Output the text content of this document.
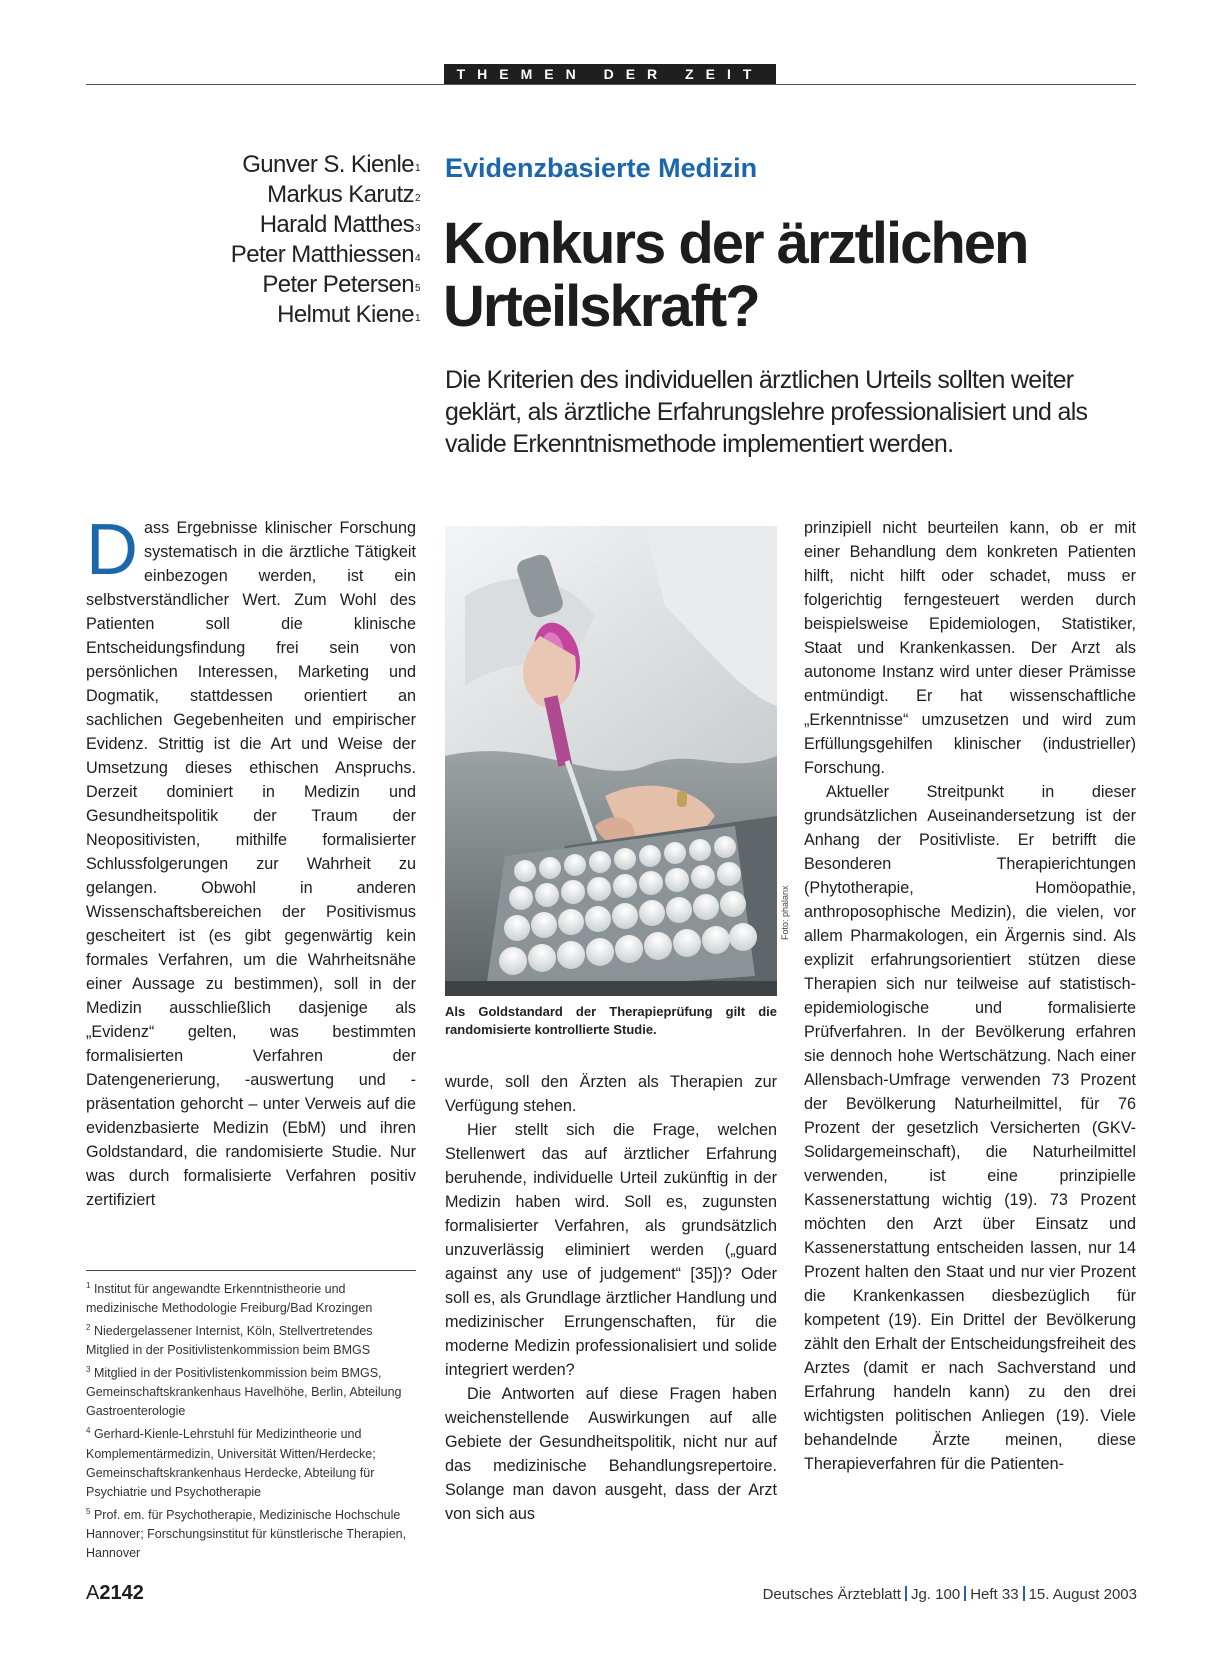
THEMEN DER ZEIT
Gunver S. Kienle$^1$
Markus Karutz$^2$
Harald Matthes$^3$
Peter Matthiessen$^4$
Peter Petersen$^5$
Helmut Kiene$^1$
Evidenzbasierte Medizin
Konkurs der ärztlichen
Urteilskraft?
Die Kriterien des individuellen ärztlichen Urteils sollten weiter geklärt, als ärztliche Erfahrungslehre professionalisiert und als valide Erkenntnismethode implementiert werden.

Dass Ergebnisse klinischer Forschung systematisch in die ärztliche Tätigkeit einbezogen werden, ist ein selbstverständlicher Wert. Zum Wohl des Patienten soll die klinische Entscheidungsfindung frei sein von persönlichen Interessen, Marketing und Dogmatik, stattdessen orientiert an sachlichen Gegebenheiten und empirischer Evidenz. Strittig ist die Art und Weise der Umsetzung dieses ethischen Anspruchs. Derzeit dominiert in Medizin und Gesundheitspolitik der Traum der Neopositivisten, mithilfe formalisierter Schlussfolgerungen zur Wahrheit zu gelangen. Obwohl in anderen Wissenschaftsbereichen der Positivismus gescheitert ist (es gibt gegenwärtig kein formales Verfahren, um die Wahrheitsnähe einer Aussage zu bestimmen), soll in der Medizin ausschließlich dasjenige als „Evidenz“ gelten, was bestimmten formalisierten Verfahren der Datengenerierung, -auswertung und -präsentation gehorcht – unter Verweis auf die evidenzbasierte Medizin (EbM) und ihren Goldstandard, die randomisierte Studie. Nur was durch formalisierte Verfahren positiv zertifiziert

$^1$ Institut für angewandte Erkenntnistheorie und medizinische Methodologie Freiburg/Bad Krozingen
$^2$ Niedergelassener Internist, Köln, Stellvertretendes Mitglied in der Positivlistenkommission beim BMGS
$^3$ Mitglied in der Positivlistenkommission beim BMGS, Gemeinschaftskrankenhaus Havelhöhe, Berlin, Abteilung Gastroenterologie
$^4$ Gerhard-Kienle-Lehrstuhl für Medizintheorie und Komplementärmedizin, Universität Witten/Herdecke; Gemeinschaftskrankenhaus Herdecke, Abteilung für Psychiatrie und Psychotherapie
$^5$ Prof. em. für Psychotherapie, Medizinische Hochschule Hannover; Forschungsinstitut für künstlerische Therapien, Hannover
Foto: phalanx
Als Goldstandard der Therapieprüfung gilt die randomisierte kontrollierte Studie.

wurde, soll den Ärzten als Therapien zur Verfügung stehen.

Hier stellt sich die Frage, welchen Stellenwert das auf ärztlicher Erfahrung beruhende, individuelle Urteil zukünftig in der Medizin haben wird. Soll es, zugunsten formalisierter Verfahren, als grundsätzlich unzuverlässig eliminiert werden („guard against any use of judgement“ [35])? Oder soll es, als Grundlage ärztlicher Handlung und medizinischer Errungenschaften, für die moderne Medizin professionalisiert und solide integriert werden?

Die Antworten auf diese Fragen haben weichenstellende Auswirkungen auf alle Gebiete der Gesundheitspolitik, nicht nur auf das medizinische Behandlungsrepertoire. Solange man davon ausgeht, dass der Arzt von sich aus

prinzipiell nicht beurteilen kann, ob er mit einer Behandlung dem konkreten Patienten hilft, nicht hilft oder schadet, muss er folgerichtig ferngesteuert werden durch beispielsweise Epidemiologen, Statistiker, Staat und Krankenkassen. Der Arzt als autonome Instanz wird unter dieser Prämisse entmündigt. Er hat wissenschaftliche „Erkenntnisse“ umzusetzen und wird zum Erfüllungsgehilfen klinischer (industrieller) Forschung.

Aktueller Streitpunkt in dieser grundsätzlichen Auseinandersetzung ist der Anhang der Positivliste. Er betrifft die Besonderen Therapierichtungen (Phytotherapie, Homöopathie, anthroposophische Medizin), die vielen, vor allem Pharmakologen, ein Ärgernis sind. Als explizit erfahrungsorientiert stützen diese Therapien sich nur teilweise auf statistisch-epidemiologische und formalisierte Prüfverfahren. In der Bevölkerung erfahren sie dennoch hohe Wertschätzung. Nach einer Allensbach-Umfrage verwenden 73 Prozent der Bevölkerung Naturheilmittel, für 76 Prozent der gesetzlich Versicherten (GKV-Solidargemeinschaft), die Naturheilmittel verwenden, ist eine prinzipielle Kassenerstattung wichtig (19). 73 Prozent möchten den Arzt über Einsatz und Kassenerstattung entscheiden lassen, nur 14 Prozent halten den Staat und nur vier Prozent die Krankenkassen diesbezüglich für kompetent (19). Ein Drittel der Bevölkerung zählt den Erhalt der Entscheidungsfreiheit des Arztes (damit er nach Sachverstand und Erfahrung handeln kann) zu den drei wichtigsten politischen Anliegen (19). Viele behandelnde Ärzte meinen, diese Therapieverfahren für die Patienten-

A2142	Deutsches Ärzteblatt Jg. 100 Heft 33 15. August 2003
